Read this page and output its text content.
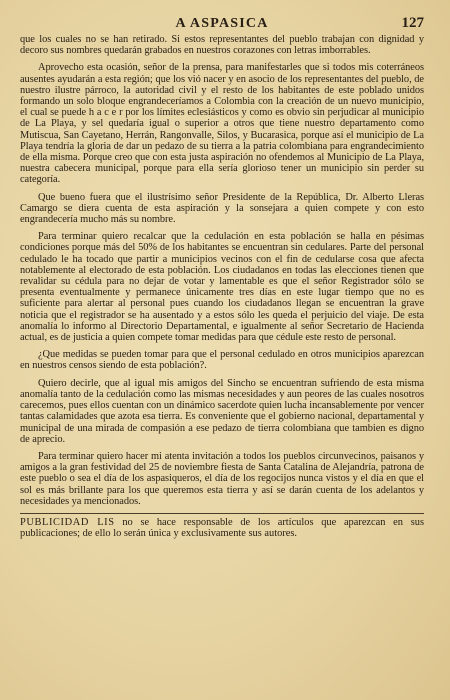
A ASPASICA	127

que los cuales no se han retirado. Si estos representantes del pueblo trabajan con dignidad y decoro sus nombres quedarán grabados en nuestros corazones con letras imborrables.

Aprovecho esta ocasión, señor de la prensa, para manifestarles que si todos mis coterráneos ausentes ayudarán a esta región; que los vió nacer y en asocio de los representantes del pueblo, de nuestro ilustre párroco, la autoridad civil y el resto de los habitantes de este poblado unidos formando un solo bloque engrandeceríamos a Colombia con la creación de un nuevo municipio, el cual se puede h a c e r por los límites eclesiásticos y como es obvio sin perjudicar al municipio de La Playa, y sel quedaría igual o superior a otros que tiene nuestro departamento como Mutiscua, San Cayetano, Herrán, Rangonvalle, Silos, y Bucarasica, porque así el municipio de La Playa tendría la gloria de dar un pedazo de su tierra a la patria colombiana para engrandecimiento de ella misma. Porque creo que con esta justa aspiración no ofendemos al Municipio de La Playa, nuestra cabecera municipal, porque para ella sería glorioso tener un municipio sin perder su categoría.

Que bueno fuera que el ilustrísimo señor Presidente de la República, Dr. Alberto Lleras Camargo se diera cuenta de esta aspiración y la sonsejara a quien compete y con esto engrandecería mucho más su nombre.

Para terminar quiero recalcar que la cedulación en esta población se halla en pésimas condiciones porque más del 50% de los habitantes se encuentran sin cedulares. Parte del personal cedulado le ha tocado que partir a municipios vecinos con el fin de cedularse cosa que afecta notablemente al electorado de esta población. Los ciudadanos en todas las elecciones tienen que revalidar su cédula para no dejar de votar y lamentable es que el señor Registrador sólo se presenta eventualmente y permanece únicamente tres días en este lugar tiempo que no es suficiente para alertar al personal pues cuando los ciudadanos llegan se encuentran la grave noticia que el registrador se ha ausentado y a estos sólo les queda el perjuicio del viaje. De esta anomalía lo informo al Directorio Departamental, e igualmente al señor Secretario de Hacienda actual, es de justicia a quien compete tomar medidas para que cédule este resto de personal.

¿Que medidas se pueden tomar para que el personal cedulado en otros municipios aparezcan en nuestros censos siendo de esta población?.

Quiero decirle, que al igual mis amigos del Sincho se encuentran sufriendo de esta misma anomalía tanto de la cedulación como las mismas necesidades y aun peores de las cuales nosotros carecemos, pues ellos cuentan con un dinámico sacerdote quien lucha incansablemente por vencer tantas calamidades que azota esa tierra. Es conveniente que el gobierno nacional, departamental y municipal de una mirada de compasión a ese pedazo de tierra colombiana que tambien es digno de aprecio.

Para terminar quiero hacer mi atenta invitación a todos los pueblos circunvecinos, paisanos y amigos a la gran festividad del 25 de noviembre fiesta de Santa Catalina de Alejandría, patrona de este pueblo o sea el día de los aspasiqueros, el día de los regocijos nunca vistos y el día en que el sol es más brillante para los que queremos esta tierra y así se darán cuenta de los adelantos y necesidades ya mencionados.

PUBLICIDAD LIS no se hace responsable de los artículos que aparezcan en sus publicaciones; de ello lo serán única y exclusivamente sus autores.
